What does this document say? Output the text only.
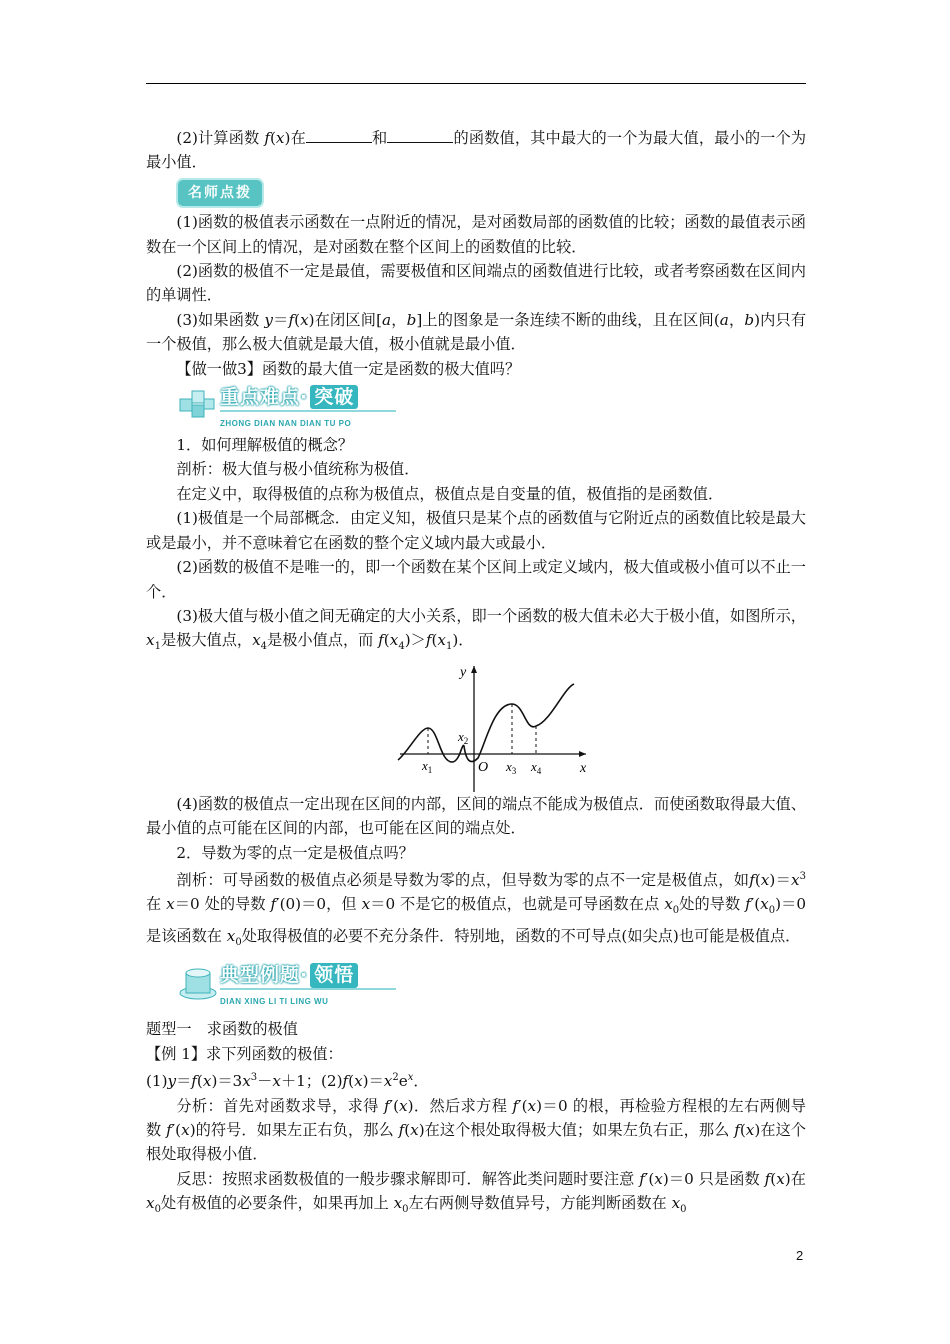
(2)计算函数 f(x)在	和	的函数值，其中最大的一个为最大值，最小的一个为最小值．

名师点拨

(1)函数的极值表示函数在一点附近的情况，是对函数局部的函数值的比较；函数的最值表示函数在一个区间上的情况，是对函数在整个区间上的函数值的比较．

(2)函数的极值不一定是最值，需要极值和区间端点的函数值进行比较，或者考察函数在区间内的单调性．

(3)如果函数 y＝f(x)在闭区间[a，b]上的图象是一条连续不断的曲线，且在区间(a，b)内只有一个极值，那么极大值就是最大值，极小值就是最小值．

【做一做3】函数的最大值一定是函数的极大值吗？

重点难点· 突破
ZHONG DIAN NAN DIAN TU PO

1．如何理解极值的概念？

剖析：极大值与极小值统称为极值．

在定义中，取得极值的点称为极值点，极值点是自变量的值，极值指的是函数值．

(1)极值是一个局部概念．由定义知，极值只是某个点的函数值与它附近点的函数值比较是最大或是最小，并不意味着它在函数的整个定义域内最大或最小．

(2)函数的极值不是唯一的，即一个函数在某个区间上或定义域内，极大值或极小值可以不止一个．

(3)极大值与极小值之间无确定的大小关系，即一个函数的极大值未必大于极小值，如图所示，$x_1$是极大值点，$x_4$是极小值点，而 $f(x_4)>f(x_1)$．

y
x
O
$x_1$
$x_2$
$x_3$ $x_4$

(4)函数的极值点一定出现在区间的内部，区间的端点不能成为极值点．而使函数取得最大值、最小值的点可能在区间的内部，也可能在区间的端点处．

2．导数为零的点一定是极值点吗？

剖析：可导函数的极值点必须是导数为零的点，但导数为零的点不一定是极值点，如$f(x)=x^3$在 x＝0 处的导数 f′(0)＝0，但 x＝0 不是它的极值点，也就是可导函数在点 $x_0$处的导数 $f'(x_0)=0$ 是该函数在 $x_0$处取得极值的必要不充分条件．特别地，函数的不可导点(如尖点)也可能是极值点．

典型例题· 领悟
DIAN XING LI TI LING WU

题型一　求函数的极值

【例 1】求下列函数的极值：

$(1)y=f(x)=3x^3-x+1$；$(2)f(x)=x^2e^x$．

分析：首先对函数求导，求得 f′(x)．然后求方程 f′(x)＝0 的根，再检验方程根的左右两侧导数 f′(x)的符号．如果左正右负，那么 f(x)在这个根处取得极大值；如果左负右正，那么 f(x)在这个根处取得极小值．

反思：按照求函数极值的一般步骤求解即可．解答此类问题时要注意 f′(x)＝0 只是函数 f(x)在 $x_0$处有极值的必要条件，如果再加上 $x_0$左右两侧导数值异号，方能判断函数在 $x_0$

2
